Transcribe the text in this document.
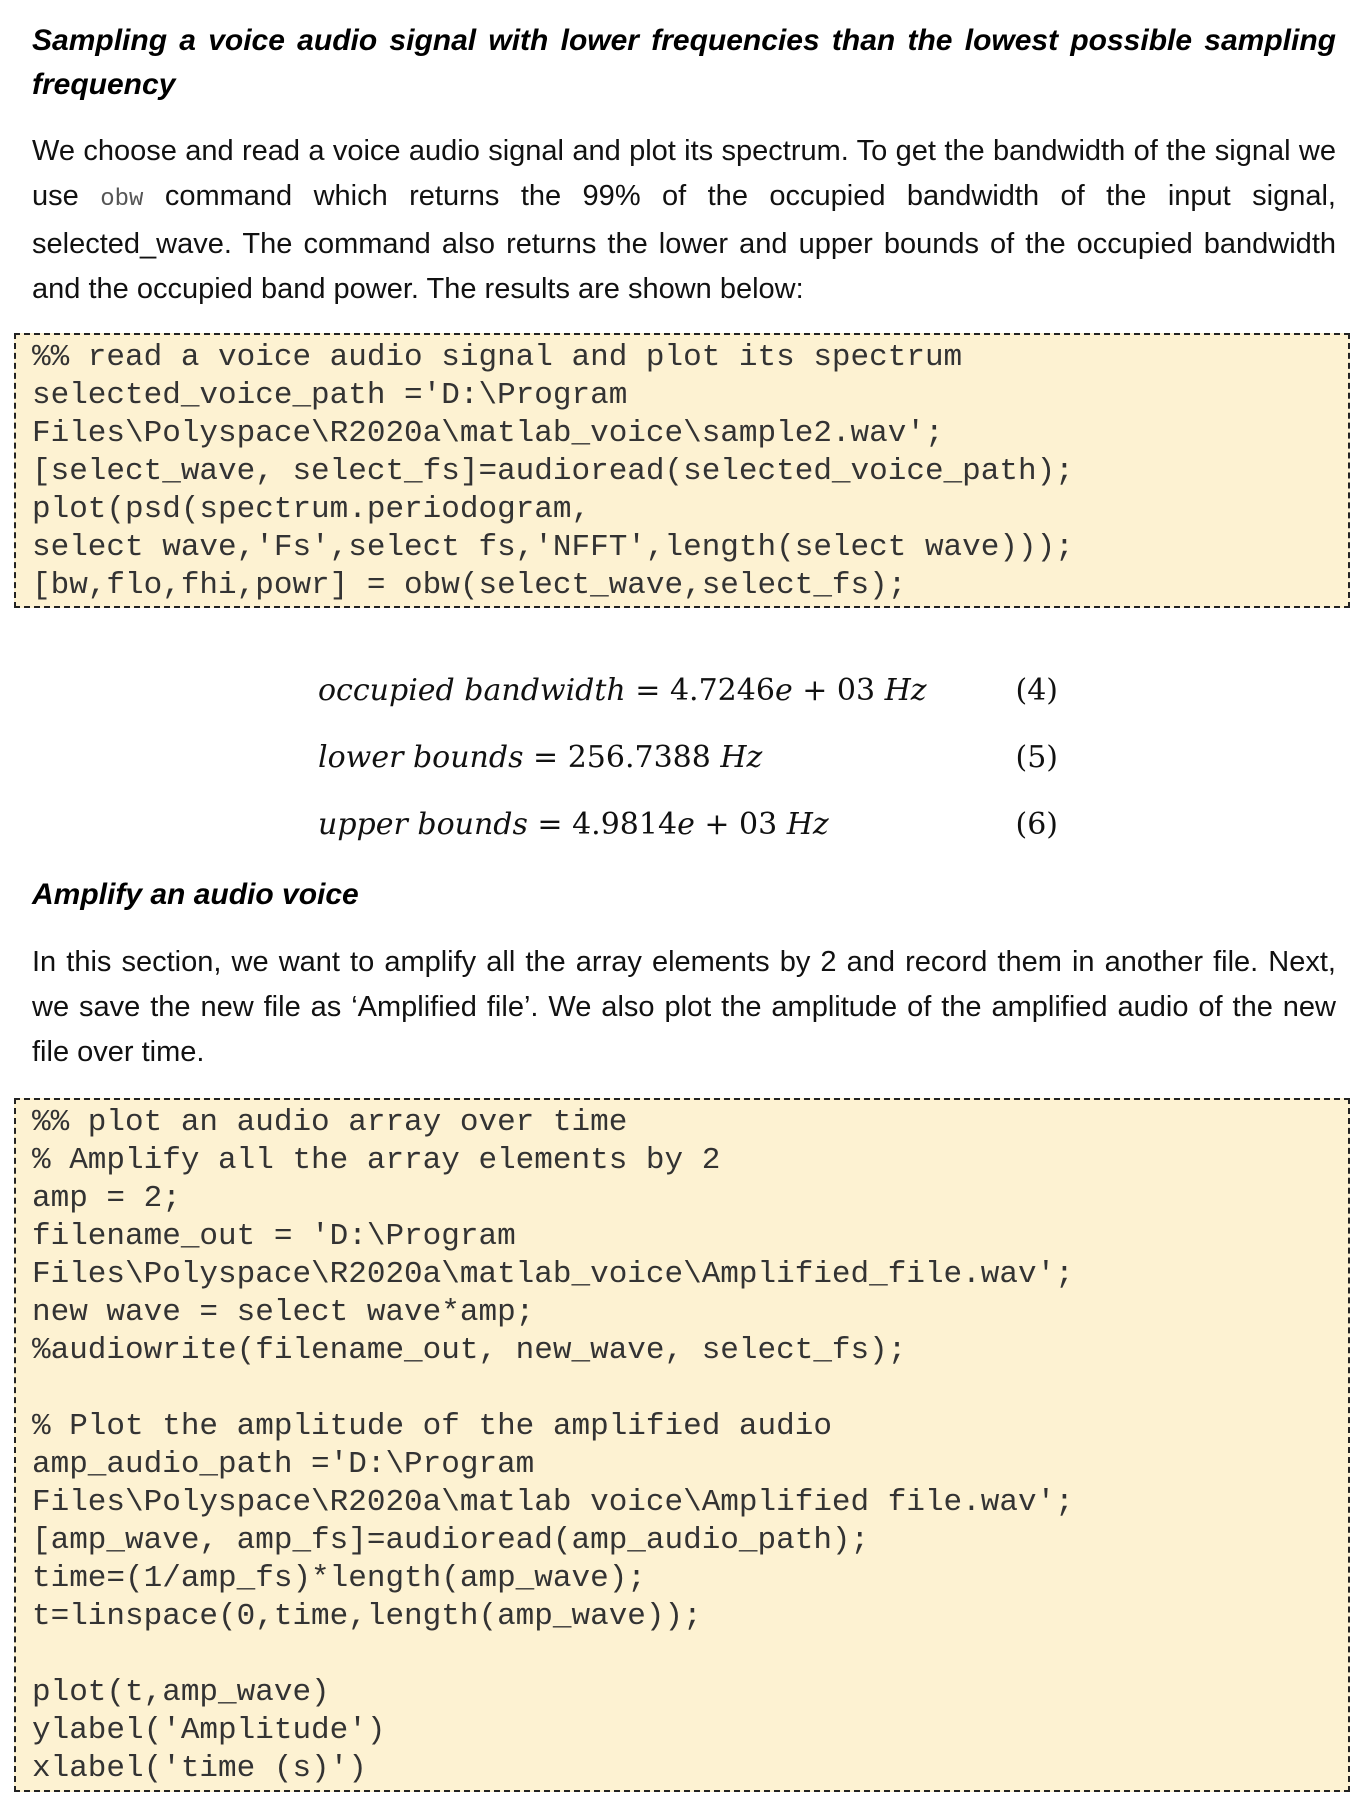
Sampling a voice audio signal with lower frequencies than the lowest possible sampling frequency
We choose and read a voice audio signal and plot its spectrum. To get the bandwidth of the signal we use obw command which returns the 99% of the occupied bandwidth of the input signal, selected_wave. The command also returns the lower and upper bounds of the occupied bandwidth and the occupied band power. The results are shown below:
%% read a voice audio signal and plot its spectrum
selected_voice_path ='D:\Program
Files\Polyspace\R2020a\matlab_voice\sample2.wav';
[select_wave, select_fs]=audioread(selected_voice_path);
plot(psd(spectrum.periodogram,
select wave,'Fs',select fs,'NFFT',length(select wave)));
[bw,flo,fhi,powr] = obw(select_wave,select_fs);
occupied bandwidth = 4.7246e + 03 Hz	(4)
lower bounds = 256.7388 Hz	(5)
upper bounds = 4.9814e + 03 Hz	(6)
Amplify an audio voice
In this section, we want to amplify all the array elements by 2 and record them in another file. Next, we save the new file as ‘Amplified file’. We also plot the amplitude of the amplified audio of the new file over time.
%% plot an audio array over time
% Amplify all the array elements by 2
amp = 2;
filename_out = 'D:\Program
Files\Polyspace\R2020a\matlab_voice\Amplified_file.wav';
new wave = select wave*amp;
%audiowrite(filename_out, new_wave, select_fs);
% Plot the amplitude of the amplified audio
amp_audio_path ='D:\Program
Files\Polyspace\R2020a\matlab voice\Amplified file.wav';
[amp_wave, amp_fs]=audioread(amp_audio_path);
time=(1/amp_fs)*length(amp_wave);
t=linspace(0,time,length(amp_wave));
plot(t,amp_wave)
ylabel('Amplitude')
xlabel('time (s)')
